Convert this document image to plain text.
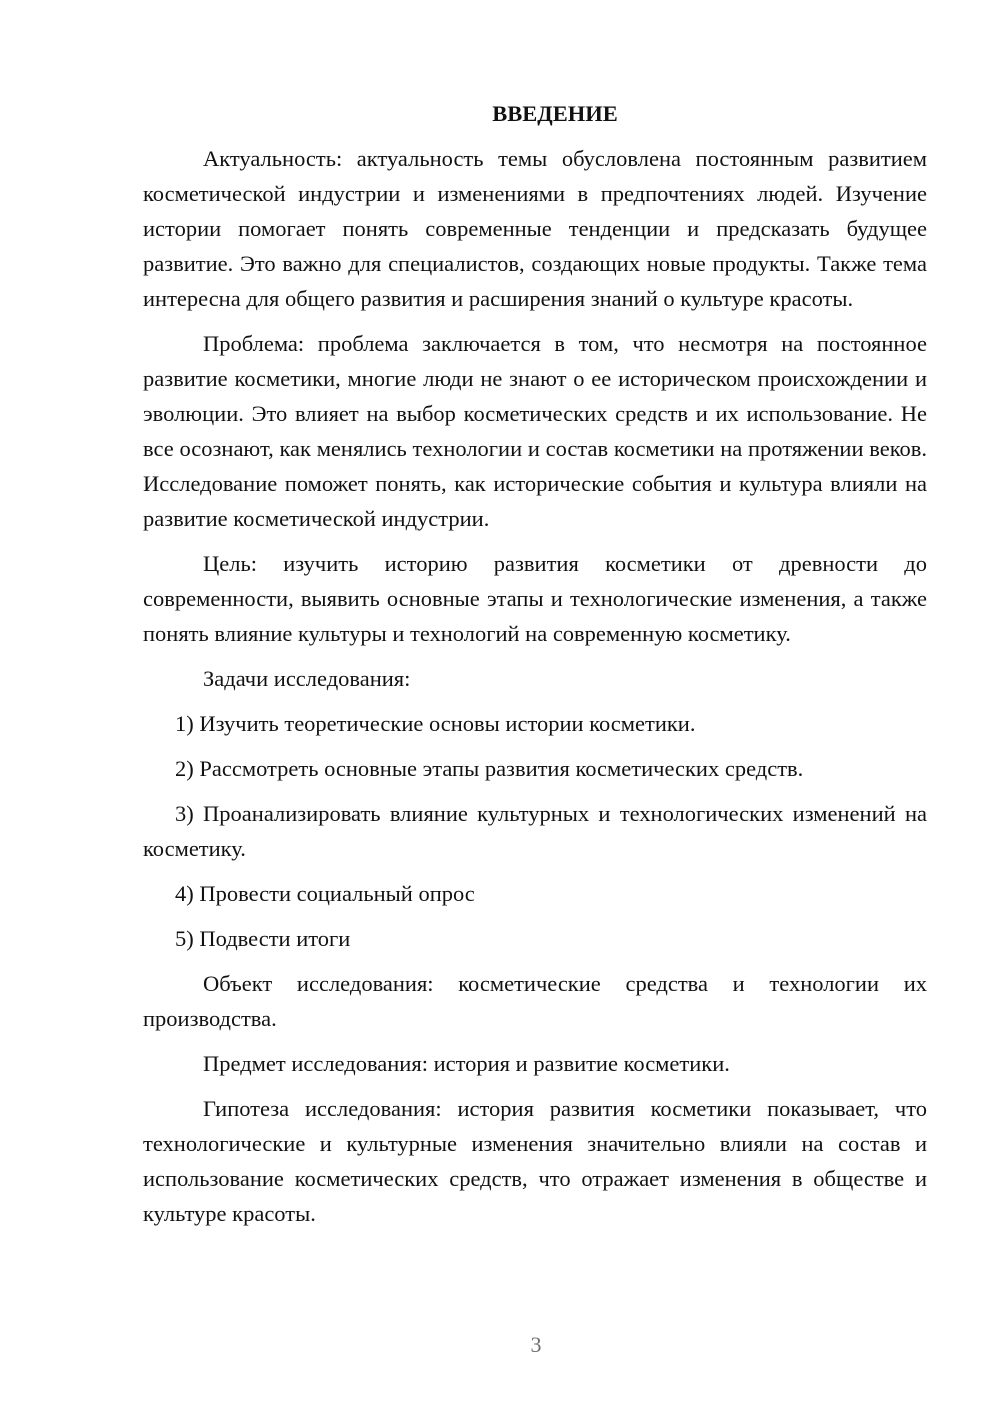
ВВЕДЕНИЕ

Актуальность: актуальность темы обусловлена постоянным развитием косметической индустрии и изменениями в предпочтениях людей. Изучение истории помогает понять современные тенденции и предсказать будущее развитие. Это важно для специалистов, создающих новые продукты. Также тема интересна для общего развития и расширения знаний о культуре красоты.

Проблема: проблема заключается в том, что несмотря на постоянное развитие косметики, многие люди не знают о ее историческом происхождении и эволюции. Это влияет на выбор косметических средств и их использование. Не все осознают, как менялись технологии и состав косметики на протяжении веков. Исследование поможет понять, как исторические события и культура влияли на развитие косметической индустрии.

Цель: изучить историю развития косметики от древности до современности, выявить основные этапы и технологические изменения, а также понять влияние культуры и технологий на современную косметику.

Задачи исследования:

1) Изучить теоретические основы истории косметики.

2) Рассмотреть основные этапы развития косметических средств.

3) Проанализировать влияние культурных и технологических изменений на косметику.

4) Провести социальный опрос

5) Подвести итоги

Объект исследования: косметические средства и технологии их производства.

Предмет исследования: история и развитие косметики.

Гипотеза исследования: история развития косметики показывает, что технологические и культурные изменения значительно влияли на состав и использование косметических средств, что отражает изменения в обществе и культуре красоты.

3
